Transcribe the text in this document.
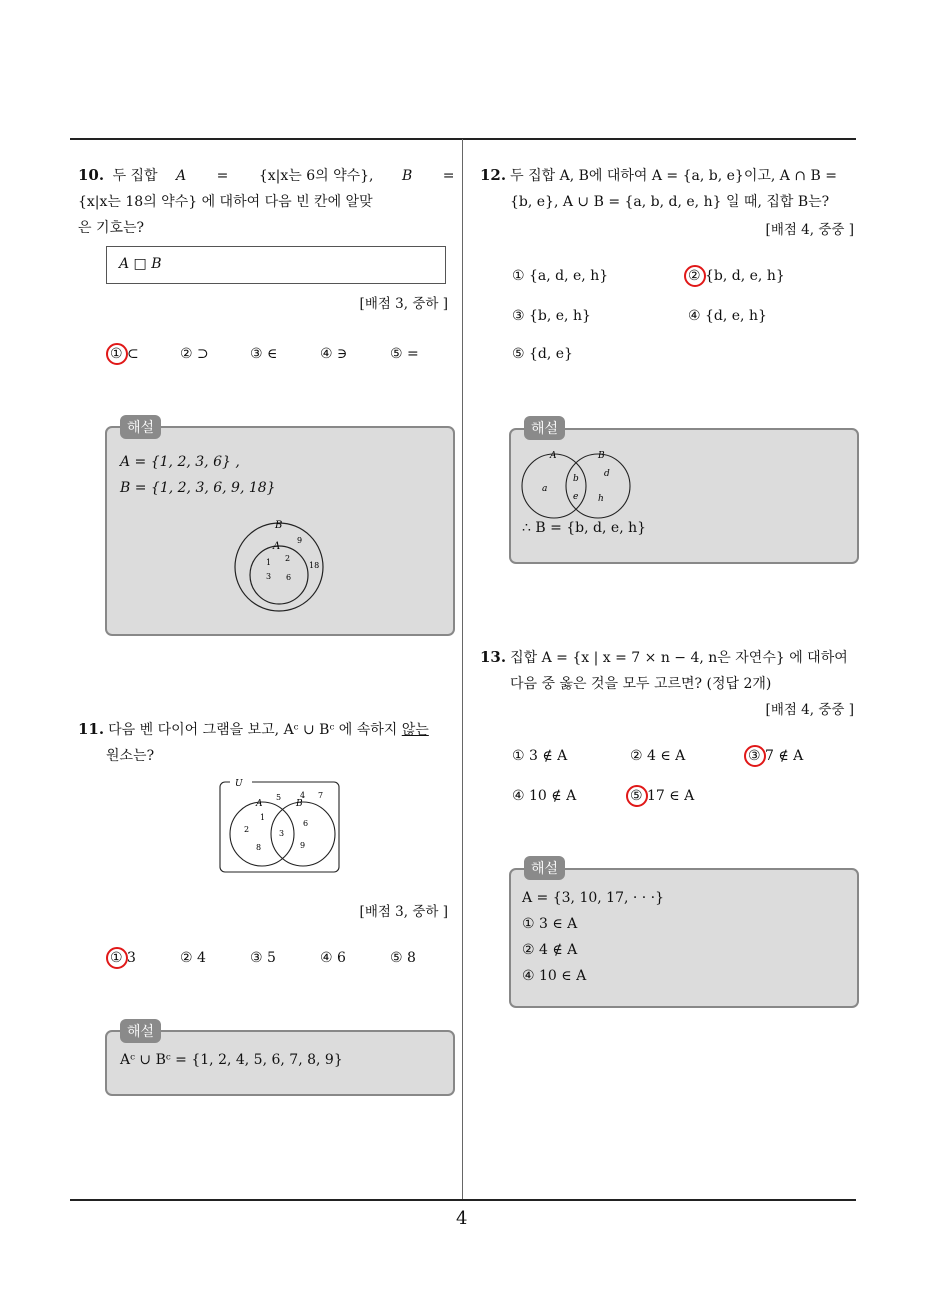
4
10. 두 집합 A = {x|x는 6의 약수}, B =
{x|x는 18의 약수} 에 대하여 다음 빈 칸에 알맞
은 기호는?
A □ B
[배점 3, 중하 ]
① ⊂	② ⊃	③ ∈	④ ∋	⑤ =
해설
A = {1, 2, 3, 6} ,
B = {1, 2, 3, 6, 9, 18}
B
A
1 2
3 6
9
18
11. 다음 벤 다이어 그램을 보고, Aᶜ ∪ Bᶜ 에 속하지 않는
원소는?
U
A	B
1
2
8
3
6
9
5 4 7
[배점 3, 중하 ]
① 3	② 4	③ 5	④ 6	⑤ 8
해설
Aᶜ ∪ Bᶜ = {1, 2, 4, 5, 6, 7, 8, 9}
12. 두 집합 A, B에 대하여 A = {a, b, e}이고, A ∩ B =
{b, e}, A ∪ B = {a, b, d, e, h} 일 때, 집합 B는?
[배점 4, 중중 ]
① {a, d, e, h}	② {b, d, e, h}
③ {b, e, h}	④ {d, e, h}
⑤ {d, e}
해설
A	B
a
b
e
d
h
∴ B = {b, d, e, h}
13. 집합 A = {x | x = 7 × n − 4, n은 자연수} 에 대하여
다음 중 옳은 것을 모두 고르면? (정답 2개)
[배점 4, 중중 ]
① 3 ∉ A	② 4 ∈ A	③ 7 ∉ A
④ 10 ∉ A	⑤ 17 ∈ A
해설
A = {3, 10, 17, · · ·}
① 3 ∈ A
② 4 ∉ A
④ 10 ∈ A
